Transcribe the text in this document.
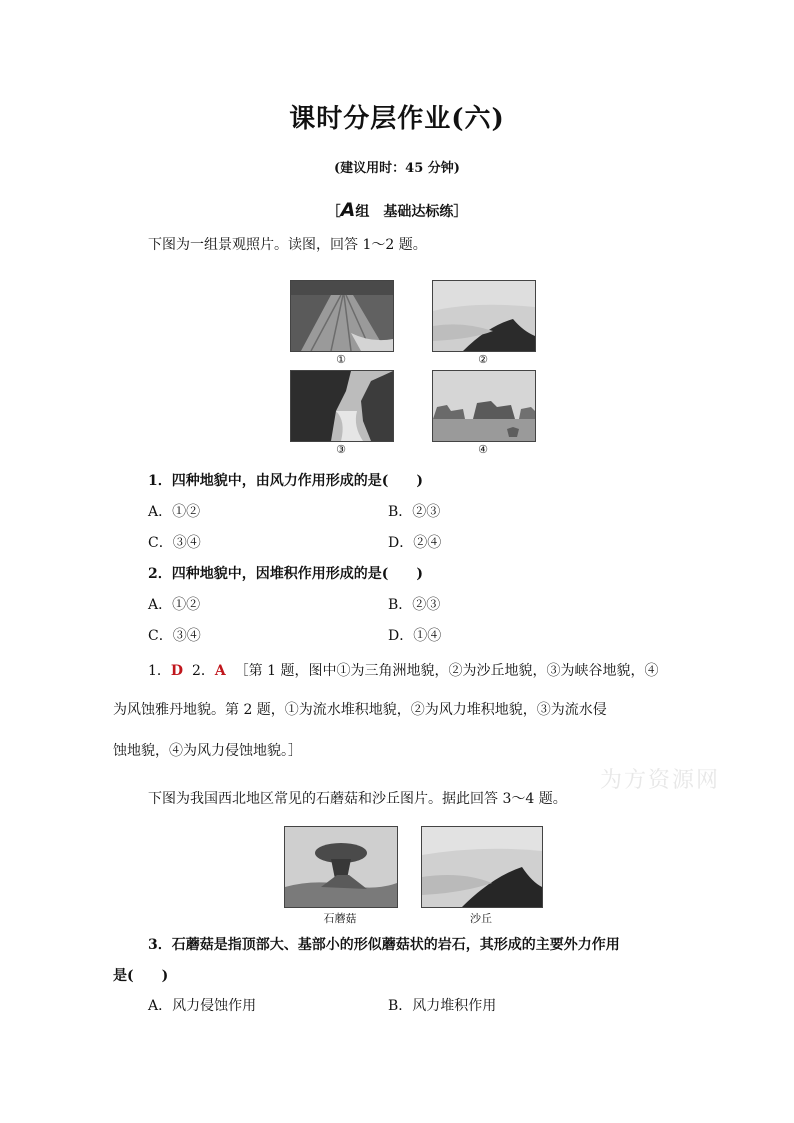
课时分层作业(六)
(建议用时：45 分钟)
［A组　基础达标练］
下图为一组景观照片。读图，回答 1～2 题。
①	②
③	④
1．四种地貌中，由风力作用形成的是(　　)
A．①②	B．②③
C．③④	D．②④
2．四种地貌中，因堆积作用形成的是(　　)
A．①②	B．②③
C．③④	D．①④
1．D 2．A ［第 1 题，图中①为三角洲地貌，②为沙丘地貌，③为峡谷地貌，④
为风蚀雅丹地貌。第 2 题，①为流水堆积地貌，②为风力堆积地貌，③为流水侵
蚀地貌，④为风力侵蚀地貌。］
为方资源网
下图为我国西北地区常见的石蘑菇和沙丘图片。据此回答 3～4 题。
石蘑菇	沙丘
3．石蘑菇是指顶部大、基部小的形似蘑菇状的岩石，其形成的主要外力作用
是(　　)
A．风力侵蚀作用	B．风力堆积作用
